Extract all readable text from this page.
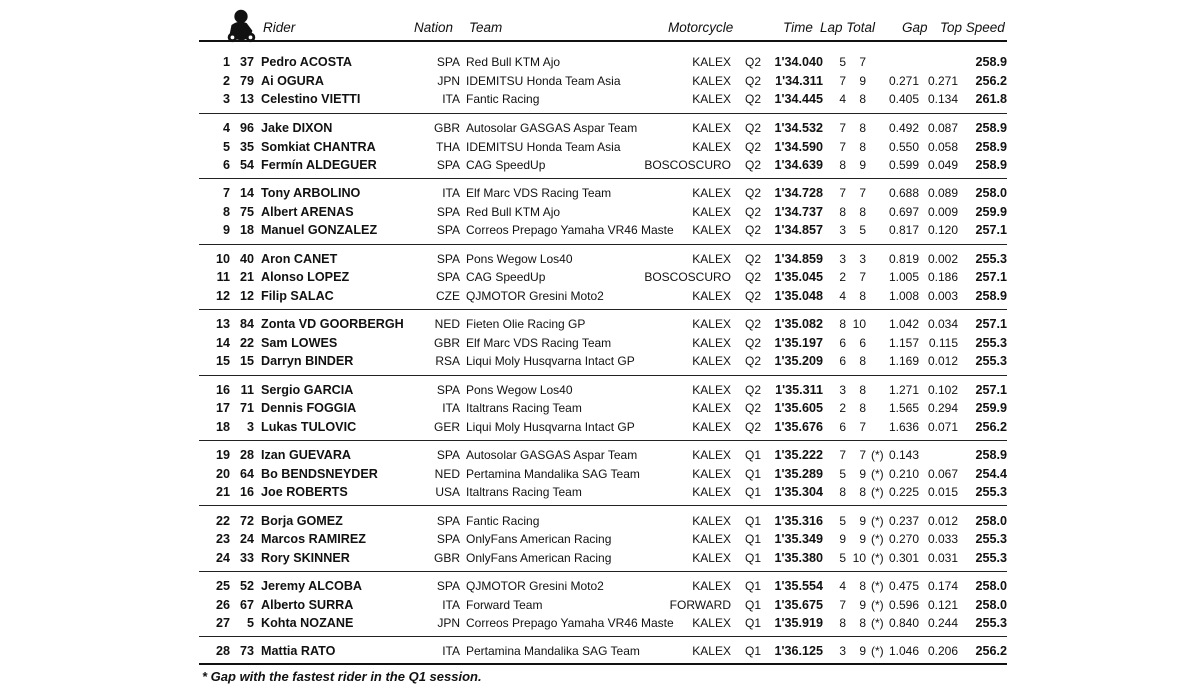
Rider	Nation Team	Motorcycle	Time Lap Total Gap Top Speed
1 37 Pedro ACOSTA	SPA Red Bull KTM Ajo	KALEX Q2 1'34.040 5 7	258.9
2 79 Ai OGURA	JPN IDEMITSU Honda Team Asia	KALEX Q2 1'34.311 7 9 0.271 0.271 256.2
3 13 Celestino VIETTI	ITA Fantic Racing	KALEX Q2 1'34.445 4 8 0.405 0.134 261.8
4 96 Jake DIXON	GBR Autosolar GASGAS Aspar Team	KALEX Q2 1'34.532 7 8 0.492 0.087 258.9
5 35 Somkiat CHANTRA	THA IDEMITSU Honda Team Asia	KALEX Q2 1'34.590 7 8 0.550 0.058 258.9
6 54 Fermín ALDEGUER	SPA CAG SpeedUp	BOSCOSCURO Q2 1'34.639 8 9 0.599 0.049 258.9
7 14 Tony ARBOLINO	ITA Elf Marc VDS Racing Team	KALEX Q2 1'34.728 7 7 0.688 0.089 258.0
8 75 Albert ARENAS	SPA Red Bull KTM Ajo	KALEX Q2 1'34.737 8 8 0.697 0.009 259.9
9 18 Manuel GONZALEZ	SPA Correos Prepago Yamaha VR46 Maste KALEX Q2 1'34.857 3 5 0.817 0.120 257.1
10 40 Aron CANET	SPA Pons Wegow Los40	KALEX Q2 1'34.859 3 3 0.819 0.002 255.3
11 21 Alonso LOPEZ	SPA CAG SpeedUp	BOSCOSCURO Q2 1'35.045 2 7 1.005 0.186 257.1
12 12 Filip SALAC	CZE QJMOTOR Gresini Moto2	KALEX Q2 1'35.048 4 8 1.008 0.003 258.9
13 84 Zonta VD GOORBERGH	NED Fieten Olie Racing GP	KALEX Q2 1'35.082 8 10 1.042 0.034 257.1
14 22 Sam LOWES	GBR Elf Marc VDS Racing Team	KALEX Q2 1'35.197 6 6 1.157 0.115 255.3
15 15 Darryn BINDER	RSA Liqui Moly Husqvarna Intact GP	KALEX Q2 1'35.209 6 8 1.169 0.012 255.3
16 11 Sergio GARCIA	SPA Pons Wegow Los40	KALEX Q2 1'35.311 3 8 1.271 0.102 257.1
17 71 Dennis FOGGIA	ITA Italtrans Racing Team	KALEX Q2 1'35.605 2 8 1.565 0.294 259.9
18 3 Lukas TULOVIC	GER Liqui Moly Husqvarna Intact GP	KALEX Q2 1'35.676 6 7 1.636 0.071 256.2
19 28 Izan GUEVARA	SPA Autosolar GASGAS Aspar Team	KALEX Q1 1'35.222 7 7 (*) 0.143	258.9
20 64 Bo BENDSNEYDER	NED Pertamina Mandalika SAG Team	KALEX Q1 1'35.289 5 9 (*) 0.210 0.067 254.4
21 16 Joe ROBERTS	USA Italtrans Racing Team	KALEX Q1 1'35.304 8 8 (*) 0.225 0.015 255.3
22 72 Borja GOMEZ	SPA Fantic Racing	KALEX Q1 1'35.316 5 9 (*) 0.237 0.012 258.0
23 24 Marcos RAMIREZ	SPA OnlyFans American Racing	KALEX Q1 1'35.349 9 9 (*) 0.270 0.033 255.3
24 33 Rory SKINNER	GBR OnlyFans American Racing	KALEX Q1 1'35.380 5 10 (*) 0.301 0.031 255.3
25 52 Jeremy ALCOBA	SPA QJMOTOR Gresini Moto2	KALEX Q1 1'35.554 4 8 (*) 0.475 0.174 258.0
26 67 Alberto SURRA	ITA Forward Team	FORWARD Q1 1'35.675 7 9 (*) 0.596 0.121 258.0
27 5 Kohta NOZANE	JPN Correos Prepago Yamaha VR46 Maste KALEX Q1 1'35.919 8 8 (*) 0.840 0.244 255.3
28 73 Mattia RATO	ITA Pertamina Mandalika SAG Team	KALEX Q1 1'36.125 3 9 (*) 1.046 0.206 256.2
* Gap with the fastest rider in the Q1 session.
